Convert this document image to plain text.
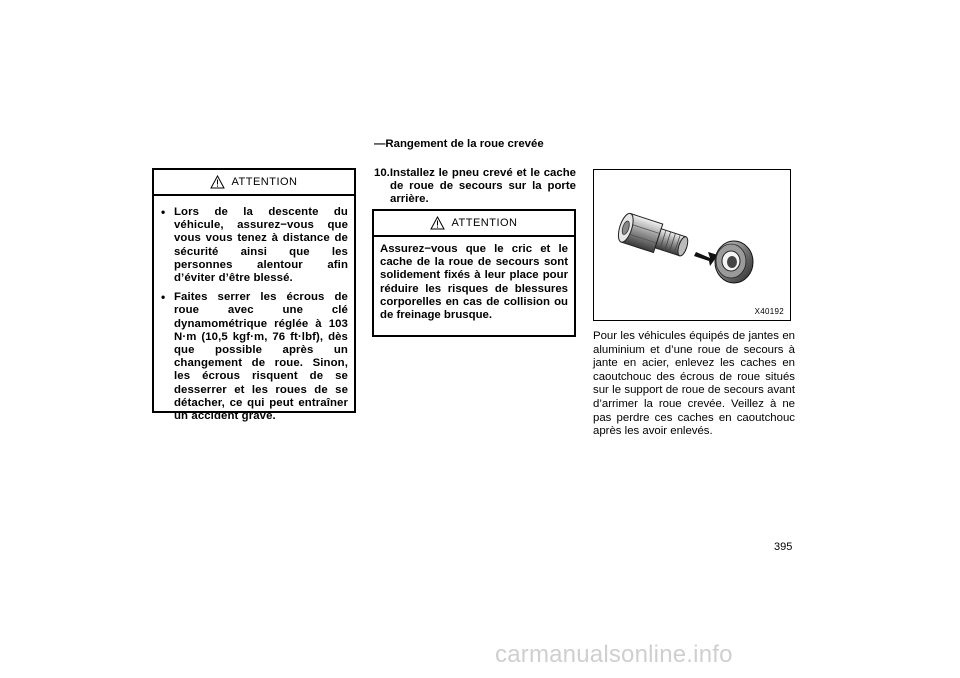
ATTENTION
• Lors de la descente du véhicule, assurez−vous que vous vous tenez à distance de sécurité ainsi que les personnes alentour afin d’éviter d’être blessé.
• Faites serrer les écrous de roue avec une clé dynamométrique réglée à 103 N·m (10,5 kgf·m, 76 ft·lbf), dès que possible après un changement de roue. Sinon, les écrous risquent de se desserrer et les roues de se détacher, ce qui peut entraîner un accident grave.
—Rangement de la roue crevée
10.Installez le pneu crevé et le cache de roue de secours sur la porte arrière.
ATTENTION
Assurez−vous que le cric et le cache de la roue de secours sont solidement fixés à leur place pour réduire les risques de blessures corporelles en cas de collision ou de freinage brusque.	X40192
Pour les véhicules équipés de jantes en aluminium et d’une roue de secours à jante en acier, enlevez les caches en caoutchouc des écrous de roue situés sur le support de roue de secours avant d’arrimer la roue crevée. Veillez à ne pas perdre ces caches en caoutchouc après les avoir enlevés.
395
carmanualsonline.info
